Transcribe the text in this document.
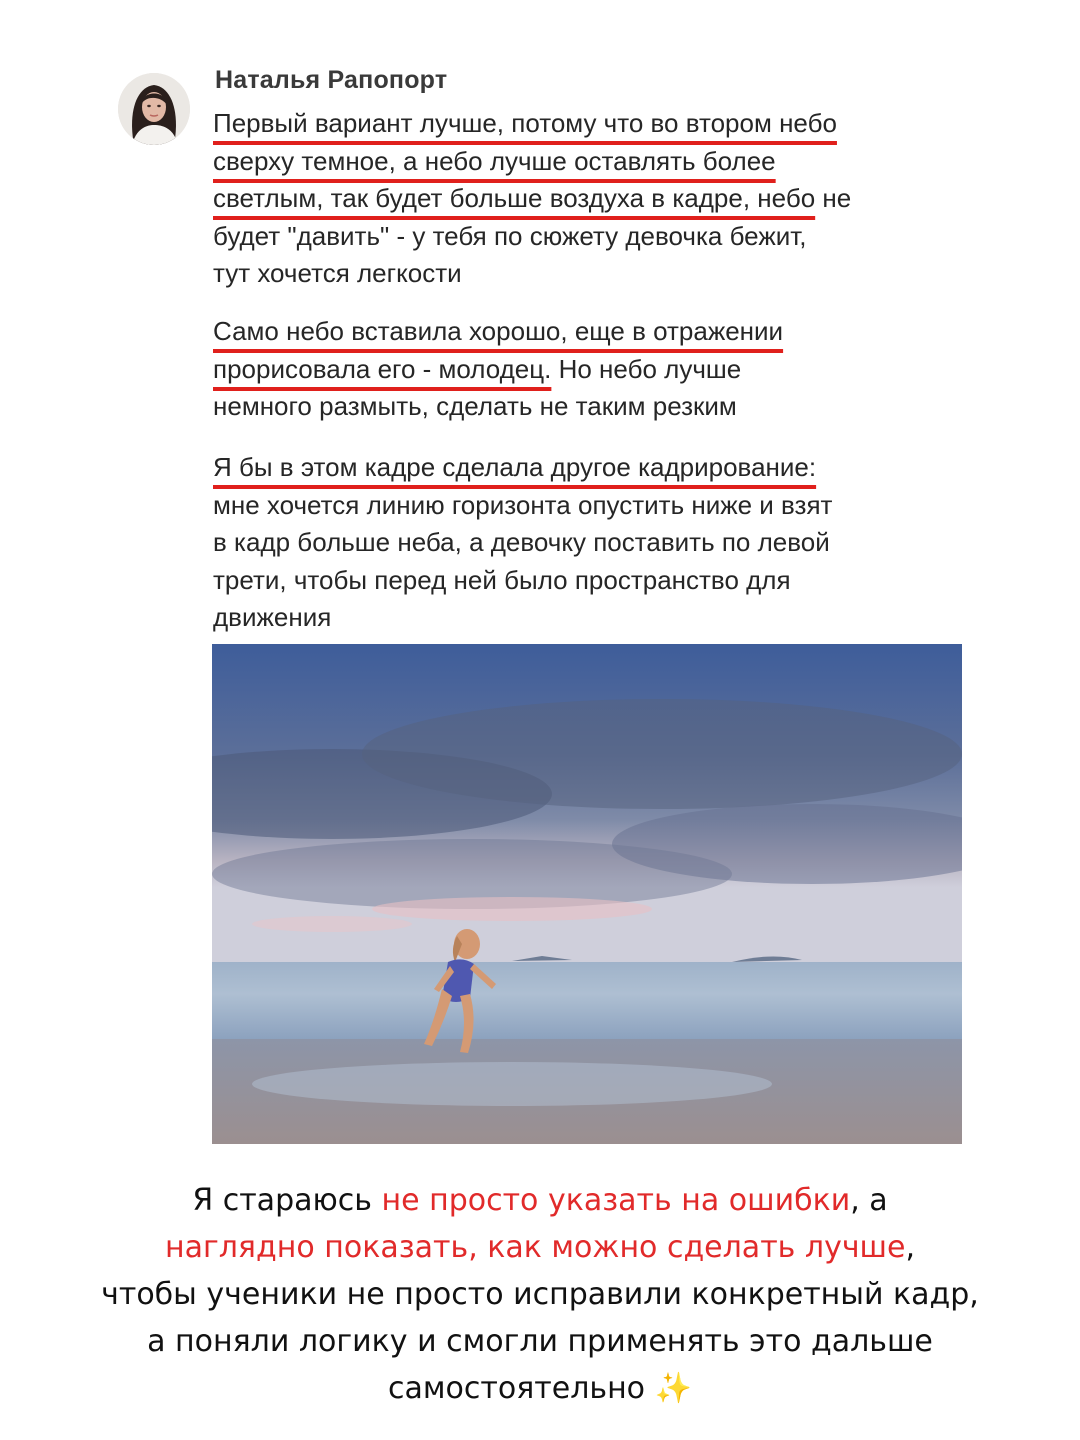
Наталья Рапопорт
Первый вариант лучше, потому что во втором небо
сверху темное, а небо лучше оставлять более
светлым, так будет больше воздуха в кадре, небо не
будет "давить" - у тебя по сюжету девочка бежит,
тут хочется легкости
Само небо вставила хорошо, еще в отражении
прорисовала его - молодец. Но небо лучше
немного размыть, сделать не таким резким
Я бы в этом кадре сделала другое кадрирование:
мне хочется линию горизонта опустить ниже и взят
в кадр больше неба, а девочку поставить по левой
трети, чтобы перед ней было пространство для
движения
Я стараюсь не просто указать на ошибки, а
наглядно показать, как можно сделать лучше,
чтобы ученики не просто исправили конкретный кадр,
а поняли логику и смогли применять это дальше
самостоятельно ✨
